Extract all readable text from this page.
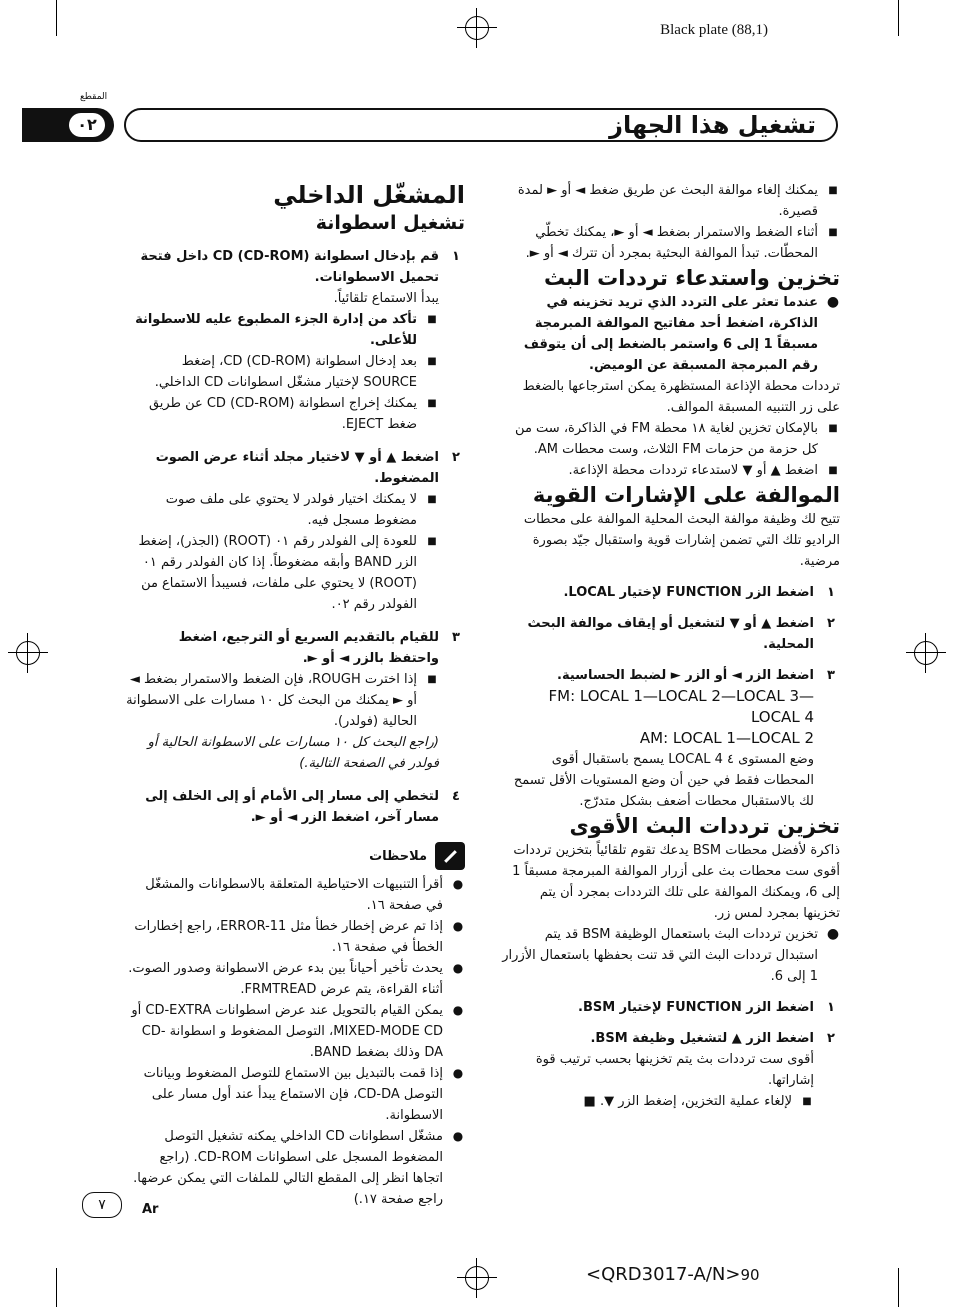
Black plate (88,1)
المقطع
٠٢	تشغيل هذا الجهاز
■
يمكنك إلغاء موالفة البحث عن طريق ضغط ◄ أو ► لمدة قصيرة.
■
أثناء الضغط والاستمرار بضغط ◄ أو ►، يمكنك تخطّي المحطّات. تبدأ الموالفة البحثية بمجرد أن تترك ◄ أو ►.

تخزين واستدعاء ترددات البث

●
عندما تعثر على التردد الذي تريد تخزينه في الذاكرة، اضغط أحد مفاتيح الموالفة المبرمجة مسبقاً 1 إلى 6 واستمر بالضغط إلى أن يتوقف رقم المبرمجة المسبقة عن الوميض.

ترددات محطة الإذاعة المستظهرة يمكن استرجاعها بالضغط على زر التنبيه المسبقة الموالف.

■
بالإمكان تخزين لغاية ١٨ محطة FM في الذاكرة، ست من كل حزمة من حزمات FM الثلاث، وست محطات AM.
■
اضغط ▲ أو ▼ لاستدعاء ترددات محطة الإذاعة.

الموالفة على الإشارات القوية

تتيح لك وظيفة موالفة البحث المحلية الموالفة على محطات الراديو تلك التي تضمن إشارات قوية واستقبال جيّد بصورة مرضية.

١
اضغط الزر FUNCTION لإختيار LOCAL.
٢
اضغط ▲ أو ▼ لتشغيل أو إيقاف موالفة البحث المحلية.
٣
اضغط الزر ◄ أو الزر ► لضبط الحساسية.

FM: LOCAL 1—LOCAL 2—LOCAL 3—LOCAL 4

AM: LOCAL 1—LOCAL 2

وضع المستوى ٤ LOCAL 4 يسمح باستقبال أقوى المحطات فقط في حين أن وضع المستويات الأقل تسمح لك بالاستقبال محطات أضعف بشكل متدرّج.

تخزين ترددات البث الأقوى

ذاكرة لأفضل محطات BSM يدعك تقوم تلقائياً بتخزين ترددات أقوى ست محطات بث على أزرار الموالفة المبرمجة مسبقاً 1 إلى 6، ويمكنك الموالفة على تلك الترددات بمجرد أن يتم تخزينها بمجرد لمس زر.

●
تخزين ترددات البث باستعمال الوظيفة BSM قد يتم استبدال ترددات البث التي قد تنت بحفظها باستعمال الأزرار 1 إلى 6.
١
اضغط الزر FUNCTION لإختيار BSM.
٢
اضغط الزر ▲ لتشغيل وظيفة BSM.

أقوى ست ترددات بث يتم تخزينها بحسب ترتيب قوة إشاراتها.

■
لإلغاء عملية التخزين، إضغط الزر ▼. ■

المشغّل الداخلي

تشغيل اسطوانة

١
قم بإدخال اسطوانة (CD (CD-ROM داخل فتحة تحميل الاسطوانات.

يبدأ الاستماع تلقائياً.

■
تأكد من إدارة الجزء المطبوع عليه للاسطوانة للأعلى.
■
بعد إدخال اسطوانة (CD (CD-ROM، إضغط SOURCE لإختيار مشغّل اسطوانات CD الداخلي.
■
يمكنك إخراج اسطوانة (CD (CD-ROM عن طريق ضغط EJECT.
٢
اضغط ▲ أو ▼ لاختيار مجلد أثناء عرض الصوت المضغوط.
■
لا يمكنك اختيار فولدر لا يحتوي على ملف صوت مضغوط مسجل فيه.
■
للعودة إلى الفولدر رقم ٠١ (ROOT) (الجذر)، إضغط الزر BAND وأبقه مضغوطاً. إذا كان الفولدر رقم ٠١ (ROOT) لا يحتوي على ملفات، فسيبدأ الاستماع من الفولدر رقم ٠٢.
٣
للقيام بالتقديم السريع أو الترجيع، اضغط واحتفظ بالزر ◄ أو ►.
■
إذا اخترت ROUGH، فإن الضغط والاستمرار بضغط ◄ أو ► يمكنك من البحث كل ١٠ مسارات على الاسطوانة الحالية (فولدر).

(راجع البحث كل ١٠ مسارات على الاسطوانة الحالية أو فولدر في الصفحة التالية.)

٤
لتخطي إلى مسار إلى الأمام أو إلى الخلف إلى مسار آخر، اضغط الزر ◄ أو ►.
ملاحظات
●
أقرأ التنبيهات الاحتياطية المتعلقة بالاسطوانات والمشغّل في صفحة ١٦.
●
إذا تم عرض إخطار خطأ مثل ERROR-11، راجع إخطارات الخطأ في صفحة ١٦.
●
يحدث تأخير أحياناً بين بدء عرض الاسطوانة وصدور الصوت. أثناء القراءة، يتم عرض FRMTREAD.
●
يمكن القيام بالتحويل عند عرض اسطوانات CD-EXTRA أو MIXED-MODE CD، التوصل المضغوط و اسطوانة -CD DA وذلك بضغط BAND.
●
إذا قمت بالتبديل بين الاستماع للتوصل المضغوط وبيانات التوصل CD-DA، فإن الاستماع يبدأ عند أول مسار على الاسطوانة.
●
مشغّل اسطوانات CD الداخلي يمكنه تشغيل التوصل المضغوط المسجل على اسطوانات CD-ROM. (راجع اتجاها انظر إلى المقطع التالي للملفات التي يمكن عرضها. راجع صفحة ١٧.)
٧	Ar
<QRD3017-A/N>90
